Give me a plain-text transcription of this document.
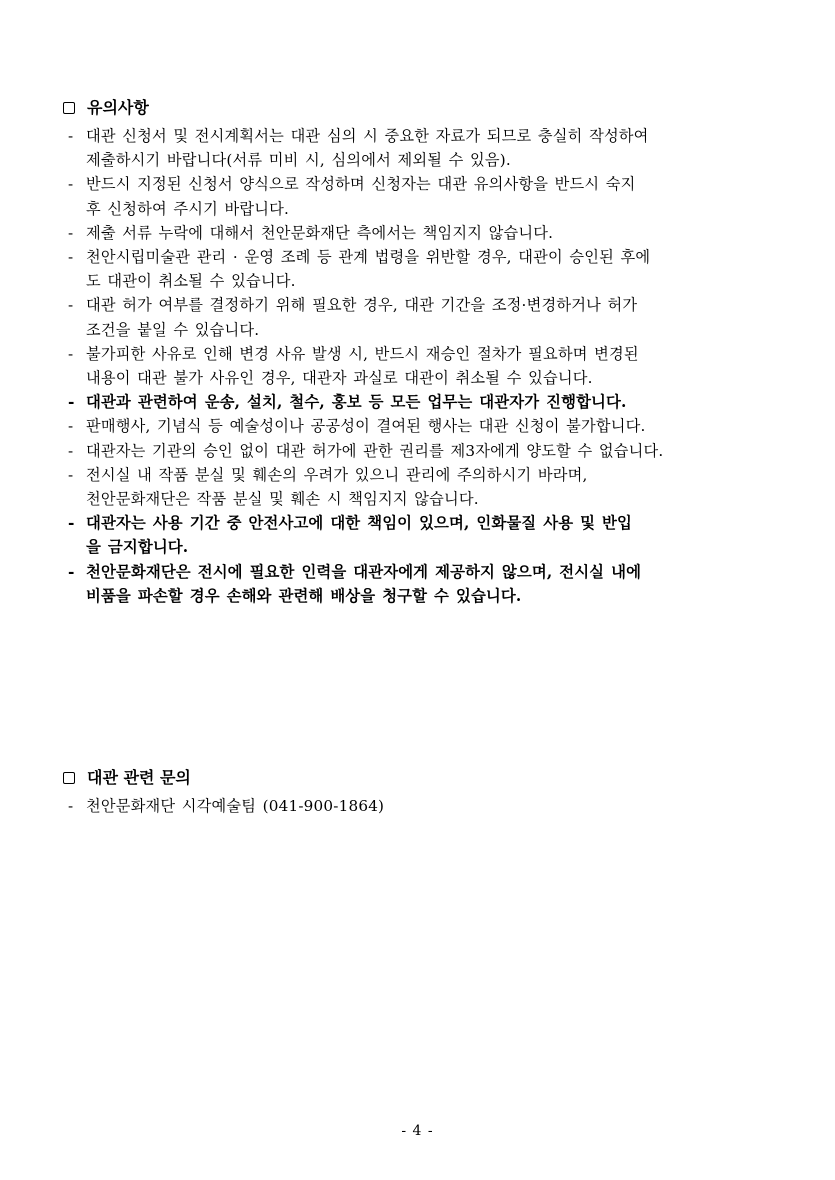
유의사항
- 대관 신청서 및 전시계획서는 대관 심의 시 중요한 자료가 되므로 충실히 작성하여
제출하시기 바랍니다(서류 미비 시, 심의에서 제외될 수 있음).
- 반드시 지정된 신청서 양식으로 작성하며 신청자는 대관 유의사항을 반드시 숙지
후 신청하여 주시기 바랍니다.
- 제출 서류 누락에 대해서 천안문화재단 측에서는 책임지지 않습니다.
- 천안시립미술관 관리 · 운영 조례 등 관계 법령을 위반할 경우, 대관이 승인된 후에
도 대관이 취소될 수 있습니다.
- 대관 허가 여부를 결정하기 위해 필요한 경우, 대관 기간을 조정·변경하거나 허가
조건을 붙일 수 있습니다.
- 불가피한 사유로 인해 변경 사유 발생 시, 반드시 재승인 절차가 필요하며 변경된
내용이 대관 불가 사유인 경우, 대관자 과실로 대관이 취소될 수 있습니다.
- 대관과 관련하여 운송, 설치, 철수, 홍보 등 모든 업무는 대관자가 진행합니다.
- 판매행사, 기념식 등 예술성이나 공공성이 결여된 행사는 대관 신청이 불가합니다.
- 대관자는 기관의 승인 없이 대관 허가에 관한 권리를 제3자에게 양도할 수 없습니다.
- 전시실 내 작품 분실 및 훼손의 우려가 있으니 관리에 주의하시기 바라며,
천안문화재단은 작품 분실 및 훼손 시 책임지지 않습니다.
- 대관자는 사용 기간 중 안전사고에 대한 책임이 있으며, 인화물질 사용 및 반입
을 금지합니다.
- 천안문화재단은 전시에 필요한 인력을 대관자에게 제공하지 않으며, 전시실 내에
비품을 파손할 경우 손해와 관련해 배상을 청구할 수 있습니다.
대관 관련 문의
- 천안문화재단 시각예술팀 (041-900-1864)
- 4 -
